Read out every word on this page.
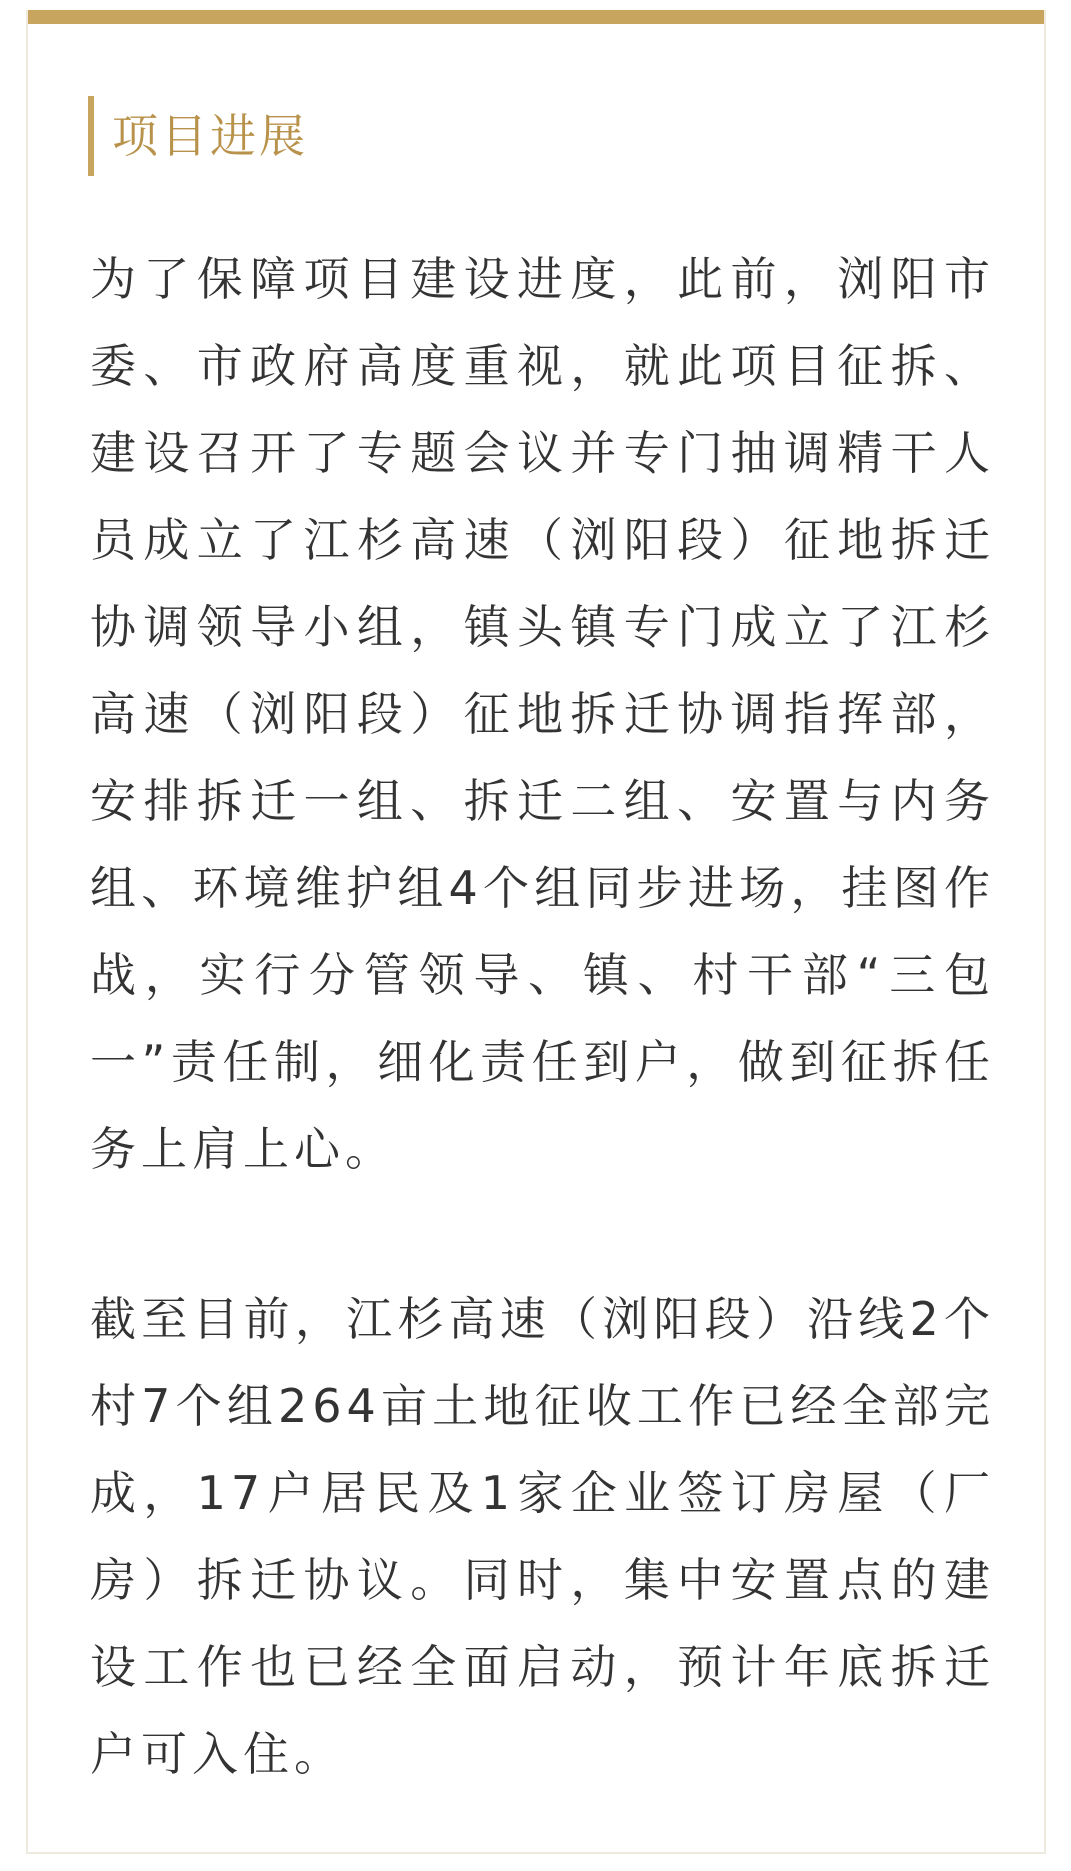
项目进展

为了保障项目建设进度，此前，浏阳市委、市政府高度重视，就此项目征拆、建设召开了专题会议并专门抽调精干人员成立了江杉高速（浏阳段）征地拆迁协调领导小组，镇头镇专门成立了江杉高速（浏阳段）征地拆迁协调指挥部，安排拆迁一组、拆迁二组、安置与内务组、环境维护组4个组同步进场，挂图作战，实行分管领导、镇、村干部“三包一”责任制，细化责任到户，做到征拆任务上肩上心。

截至目前，江杉高速（浏阳段）沿线2个村7个组264亩土地征收工作已经全部完成，17户居民及1家企业签订房屋（厂房）拆迁协议。同时，集中安置点的建设工作也已经全面启动，预计年底拆迁户可入住。
